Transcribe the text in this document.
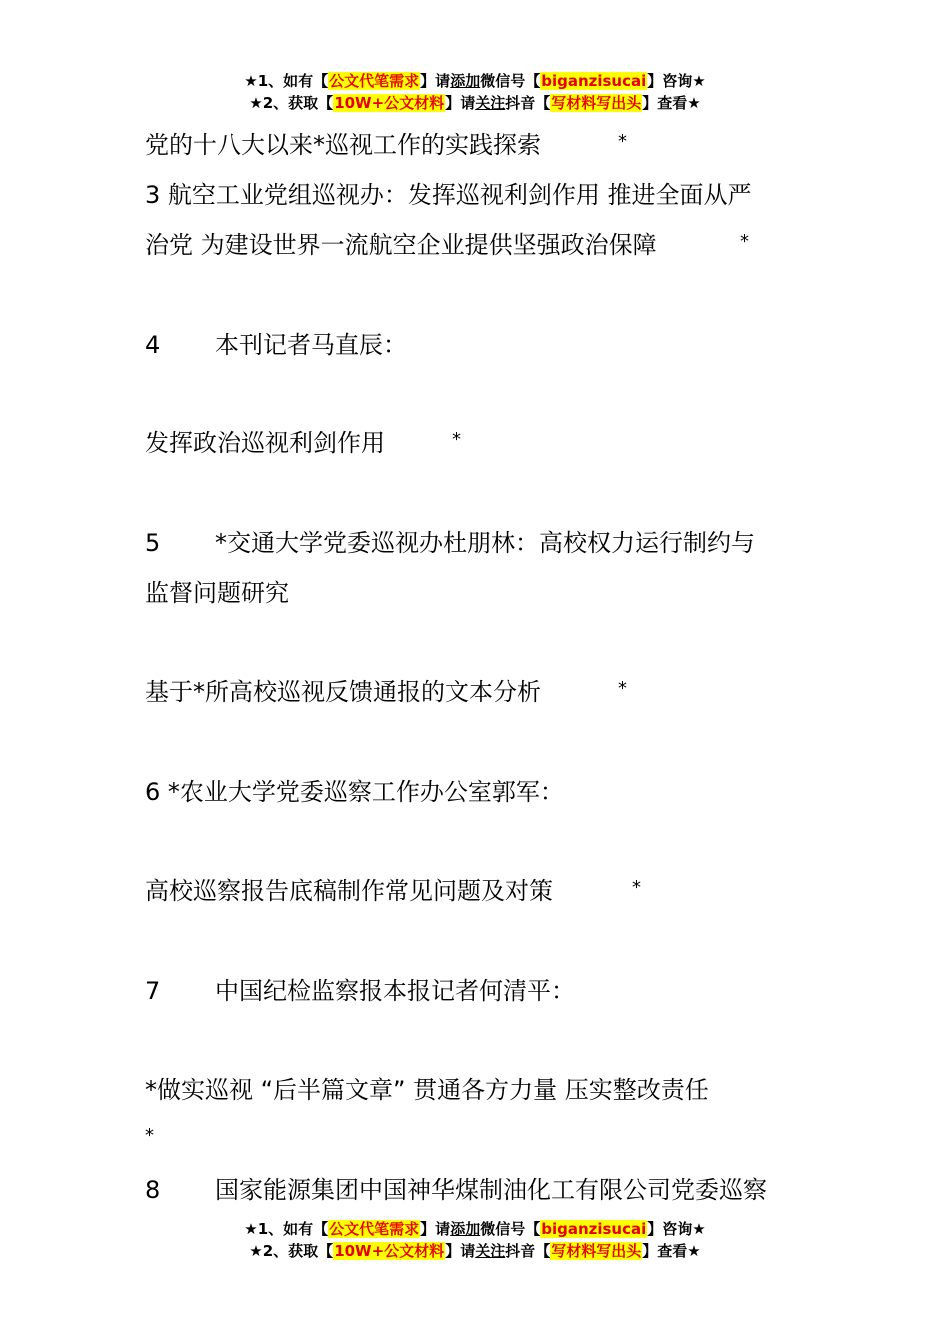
★1、如有【公文代笔需求】请添加微信号【biganzisucai】咨询★
★2、获取【10W+公文材料】请关注抖音【写材料写出头】查看★
党的十八大以来*巡视工作的实践探索
3 航空工业党组巡视办：发挥巡视利剑作用 推进全面从严
治党 为建设世界一流航空企业提供坚强政治保障
4 本刊记者马直辰：
发挥政治巡视利剑作用
5 *交通大学党委巡视办杜朋林：高校权力运行制约与
监督问题研究
基于*所高校巡视反馈通报的文本分析
6 *农业大学党委巡察工作办公室郭军：
高校巡察报告底稿制作常见问题及对策
7 中国纪检监察报本报记者何清平：
*做实巡视 “后半篇文章” 贯通各方力量 压实整改责任
8 国家能源集团中国神华煤制油化工有限公司党委巡察
*
*
*
*
*
*
★1、如有【公文代笔需求】请添加微信号【biganzisucai】咨询★
★2、获取【10W+公文材料】请关注抖音【写材料写出头】查看★
